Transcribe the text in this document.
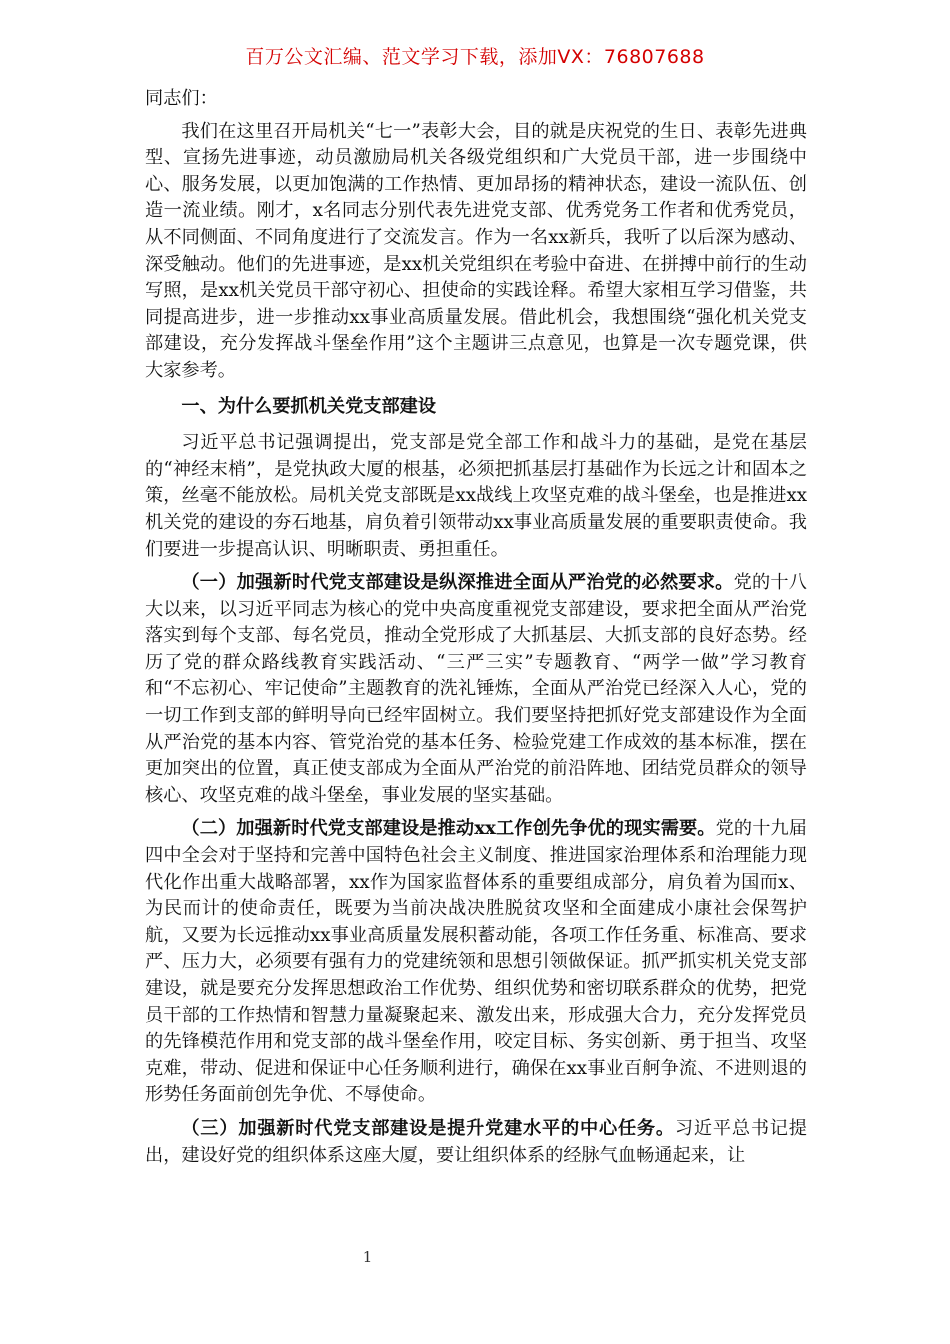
百万公文汇编、范文学习下载，添加VX：76807688

同志们：

我们在这里召开局机关“七一”表彰大会，目的就是庆祝党的生日、表彰先进典型、宣扬先进事迹，动员激励局机关各级党组织和广大党员干部，进一步围绕中心、服务发展，以更加饱满的工作热情、更加昂扬的精神状态，建设一流队伍、创造一流业绩。刚才，x名同志分别代表先进党支部、优秀党务工作者和优秀党员，从不同侧面、不同角度进行了交流发言。作为一名xx新兵，我听了以后深为感动、深受触动。他们的先进事迹，是xx机关党组织在考验中奋进、在拼搏中前行的生动写照，是xx机关党员干部守初心、担使命的实践诠释。希望大家相互学习借鉴，共同提高进步，进一步推动xx事业高质量发展。借此机会，我想围绕“强化机关党支部建设，充分发挥战斗堡垒作用”这个主题讲三点意见，也算是一次专题党课，供大家参考。

一、为什么要抓机关党支部建设

习近平总书记强调提出，党支部是党全部工作和战斗力的基础，是党在基层的“神经末梢”，是党执政大厦的根基，必须把抓基层打基础作为长远之计和固本之策，丝毫不能放松。局机关党支部既是xx战线上攻坚克难的战斗堡垒，也是推进xx机关党的建设的夯石地基，肩负着引领带动xx事业高质量发展的重要职责使命。我们要进一步提高认识、明晰职责、勇担重任。

（一）加强新时代党支部建设是纵深推进全面从严治党的必然要求。党的十八大以来，以习近平同志为核心的党中央高度重视党支部建设，要求把全面从严治党落实到每个支部、每名党员，推动全党形成了大抓基层、大抓支部的良好态势。经历了党的群众路线教育实践活动、“三严三实”专题教育、“两学一做”学习教育和“不忘初心、牢记使命”主题教育的洗礼锤炼，全面从严治党已经深入人心，党的一切工作到支部的鲜明导向已经牢固树立。我们要坚持把抓好党支部建设作为全面从严治党的基本内容、管党治党的基本任务、检验党建工作成效的基本标准，摆在更加突出的位置，真正使支部成为全面从严治党的前沿阵地、团结党员群众的领导核心、攻坚克难的战斗堡垒，事业发展的坚实基础。

（二）加强新时代党支部建设是推动xx工作创先争优的现实需要。党的十九届四中全会对于坚持和完善中国特色社会主义制度、推进国家治理体系和治理能力现代化作出重大战略部署，xx作为国家监督体系的重要组成部分，肩负着为国而x、为民而计的使命责任，既要为当前决战决胜脱贫攻坚和全面建成小康社会保驾护航，又要为长远推动xx事业高质量发展积蓄动能，各项工作任务重、标准高、要求严、压力大，必须要有强有力的党建统领和思想引领做保证。抓严抓实机关党支部建设，就是要充分发挥思想政治工作优势、组织优势和密切联系群众的优势，把党员干部的工作热情和智慧力量凝聚起来、激发出来，形成强大合力，充分发挥党员的先锋模范作用和党支部的战斗堡垒作用，咬定目标、务实创新、勇于担当、攻坚克难，带动、促进和保证中心任务顺利进行，确保在xx事业百舸争流、不进则退的形势任务面前创先争优、不辱使命。

（三）加强新时代党支部建设是提升党建水平的中心任务。习近平总书记提出，建设好党的组织体系这座大厦，要让组织体系的经脉气血畅通起来，让

1
